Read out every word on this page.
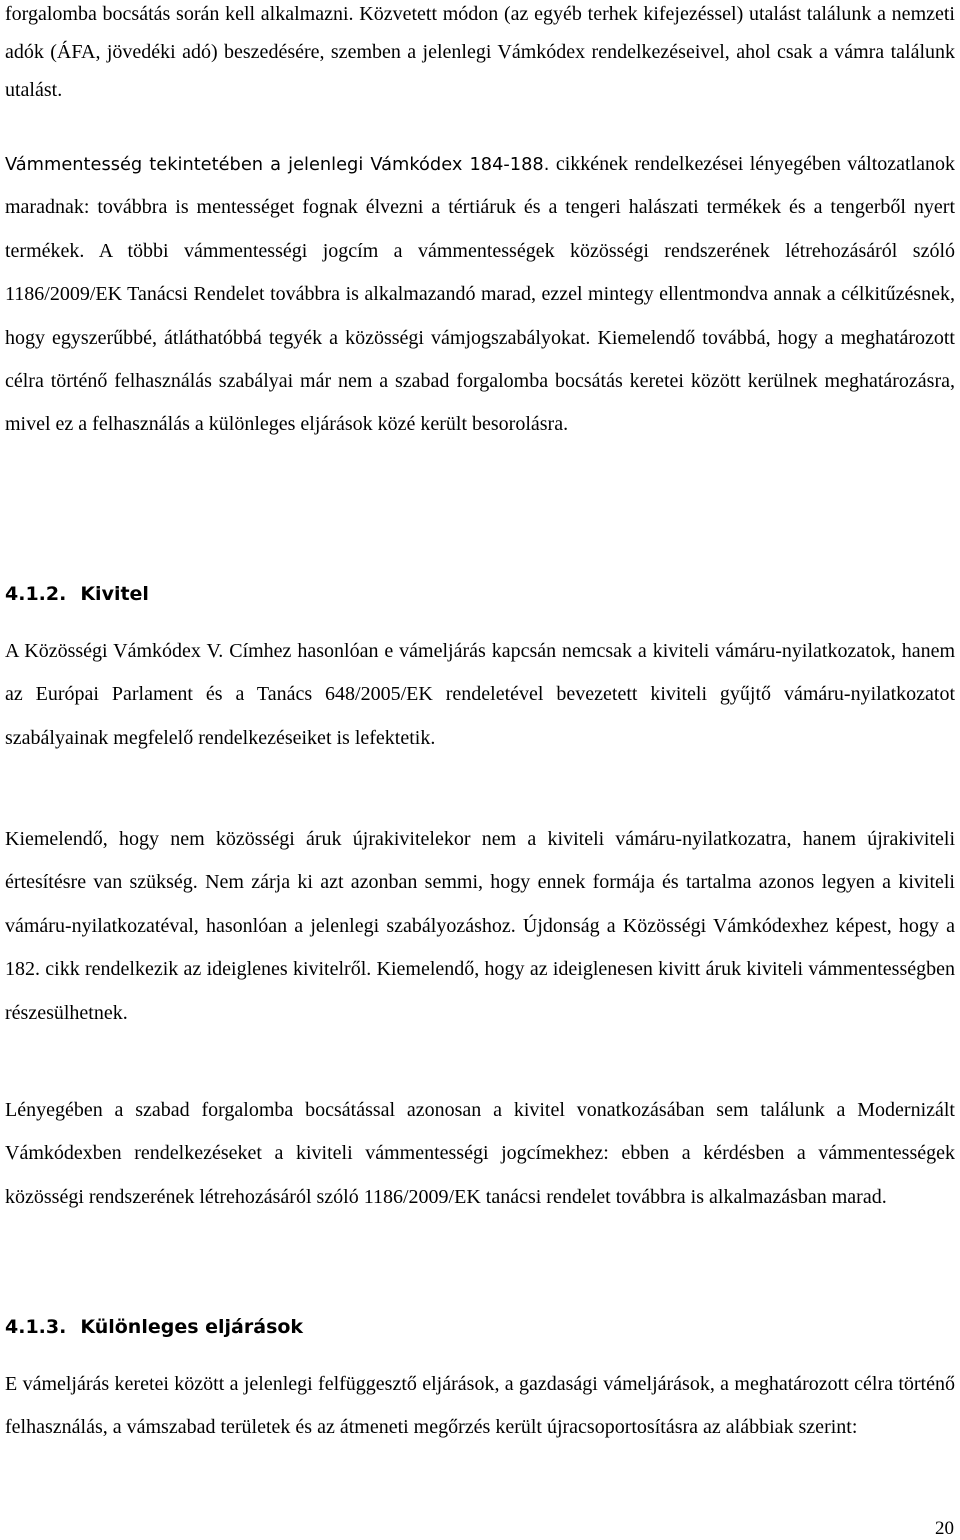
forgalomba bocsátás során kell alkalmazni. Közvetett módon (az egyéb terhek kifejezéssel) utalást találunk a nemzeti adók (ÁFA, jövedéki adó) beszedésére, szemben a jelenlegi Vámkódex rendelkezéseivel, ahol csak a vámra találunk utalást.

Vámmentesség tekintetében a jelenlegi Vámkódex 184-188. cikkének rendelkezései lényegében változatlanok maradnak: továbbra is mentességet fognak élvezni a tértiáruk és a tengeri halászati termékek és a tengerből nyert termékek. A többi vámmentességi jogcím a vámmentességek közösségi rendszerének létrehozásáról szóló 1186/2009/EK Tanácsi Rendelet továbbra is alkalmazandó marad, ezzel mintegy ellentmondva annak a célkitűzésnek, hogy egyszerűbbé, átláthatóbbá tegyék a közösségi vámjogszabályokat. Kiemelendő továbbá, hogy a meghatározott célra történő felhasználás szabályai már nem a szabad forgalomba bocsátás keretei között kerülnek meghatározásra, mivel ez a felhasználás a különleges eljárások közé került besorolásra.

4.1.2. Kivitel

A Közösségi Vámkódex V. Címhez hasonlóan e vámeljárás kapcsán nemcsak a kiviteli vámáru-nyilatkozatok, hanem az Európai Parlament és a Tanács 648/2005/EK rendeletével bevezetett kiviteli gyűjtő vámáru-nyilatkozatot szabályainak megfelelő rendelkezéseiket is lefektetik.

Kiemelendő, hogy nem közösségi áruk újrakivitelekor nem a kiviteli vámáru-nyilatkozatra, hanem újrakiviteli értesítésre van szükség. Nem zárja ki azt azonban semmi, hogy ennek formája és tartalma azonos legyen a kiviteli vámáru-nyilatkozatéval, hasonlóan a jelenlegi szabályozáshoz. Újdonság a Közösségi Vámkódexhez képest, hogy a 182. cikk rendelkezik az ideiglenes kivitelről. Kiemelendő, hogy az ideiglenesen kivitt áruk kiviteli vámmentességben részesülhetnek.

Lényegében a szabad forgalomba bocsátással azonosan a kivitel vonatkozásában sem találunk a Modernizált Vámkódexben rendelkezéseket a kiviteli vámmentességi jogcímekhez: ebben a kérdésben a vámmentességek közösségi rendszerének létrehozásáról szóló 1186/2009/EK tanácsi rendelet továbbra is alkalmazásban marad.

4.1.3. Különleges eljárások

E vámeljárás keretei között a jelenlegi felfüggesztő eljárások, a gazdasági vámeljárások, a meghatározott célra történő felhasználás, a vámszabad területek és az átmeneti megőrzés került újracsoportosításra az alábbiak szerint:

20
